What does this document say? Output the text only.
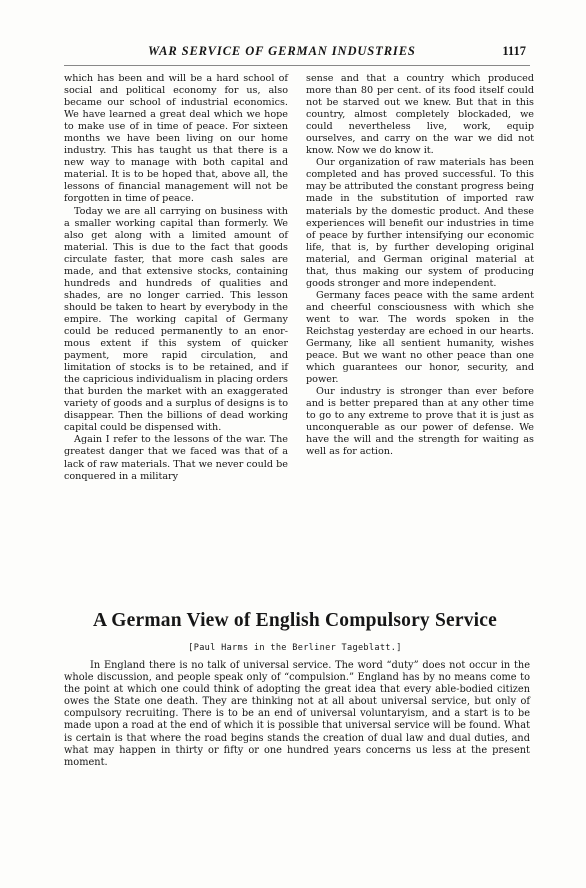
WAR SERVICE OF GERMAN INDUSTRIES	1117

which has been and will be a hard school of social and political economy for us, also became our school of industrial economics. We have learned a great deal which we hope to make use of in time of peace. For sixteen months we have been living on our home industry. This has taught us that there is a new way to manage with both capital and material. It is to be hoped that, above all, the lessons of financial management will not be forgotten in time of peace.

Today we are all carrying on business with a smaller working capital than formerly. We also get along with a limited amount of material. This is due to the fact that goods circulate faster, that more cash sales are made, and that extensive stocks, containing hundreds and hundreds of qualities and shades, are no longer carried. This lesson should be taken to heart by everybody in the empire. The working capital of Germany could be reduced permanently to an enormous extent if this system of quicker payment, more rapid circulation, and limitation of stocks is to be retained, and if the capricious individualism in placing orders that burden the market with an exaggerated variety of goods and a surplus of designs is to disappear. Then the billions of dead working capital could be dispensed with.

Again I refer to the lessons of the war. The greatest danger that we faced was that of a lack of raw materials. That we never could be conquered in a military

sense and that a country which produced more than 80 per cent. of its food itself could not be starved out we knew. But that in this country, almost completely blockaded, we could nevertheless live, work, equip ourselves, and carry on the war we did not know. Now we do know it.

Our organization of raw materials has been completed and has proved successful. To this may be attributed the constant progress being made in the substitution of imported raw materials by the domestic product. And these experiences will benefit our industries in time of peace by further intensifying our economic life, that is, by further developing original material, and German original material at that, thus making our system of producing goods stronger and more independent.

Germany faces peace with the same ardent and cheerful consciousness with which she went to war. The words spoken in the Reichstag yesterday are echoed in our hearts. Germany, like all sentient humanity, wishes peace. But we want no other peace than one which guarantees our honor, security, and power.

Our industry is stronger than ever before and is better prepared than at any other time to go to any extreme to prove that it is just as unconquerable as our power of defense. We have the will and the strength for waiting as well as for action.

A German View of English Compulsory Service
[Paul Harms in the Berliner Tageblatt.]

In England there is no talk of universal service. The word “duty” does not occur in the whole discussion, and people speak only of “compulsion.” England has by no means come to the point at which one could think of adopting the great idea that every able-bodied citizen owes the State one death. They are thinking not at all about universal service, but only of compulsory recruiting. There is to be an end of universal voluntaryism, and a start is to be made upon a road at the end of which it is possible that universal service will be found. What is certain is that where the road begins stands the creation of dual law and dual duties, and what may happen in thirty or fifty or one hundred years concerns us less at the present moment.
